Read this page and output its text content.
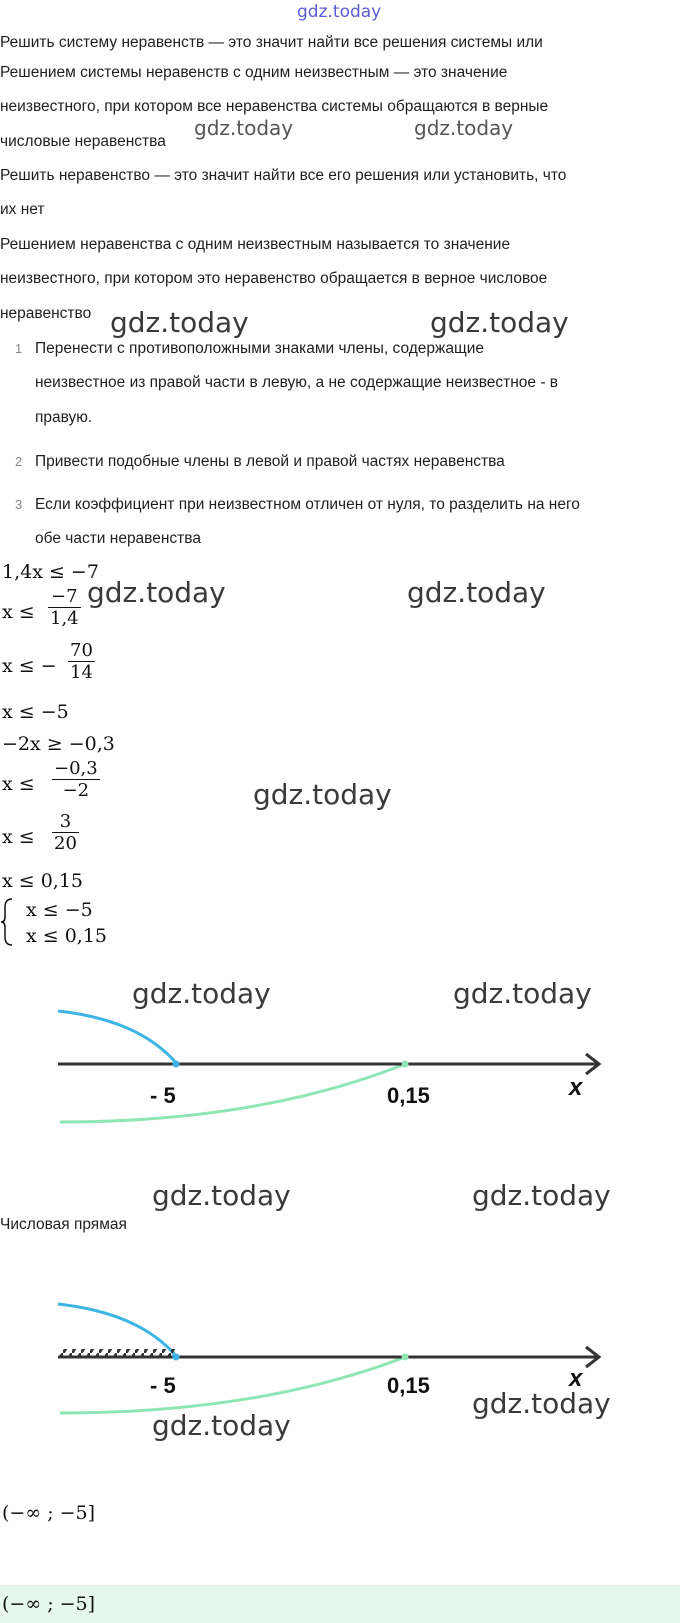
gdz.today
Решить систему неравенств — это значит найти все решения системы или
Решением системы неравенств с одним неизвестным — это значение
неизвестного, при котором все неравенства системы обращаются в верные
числовые неравенства
Решить неравенство — это значит найти все его решения или установить, что
их нет
Решением неравенства с одним неизвестным называется то значение
неизвестного, при котором это неравенство обращается в верное числовое
неравенство
1 Перенести с противоположными знаками члены, содержащие
неизвестное из правой части в левую, а не содержащие неизвестное - в
правую.
2 Привести подобные члены в левой и правой частях неравенства
3 Если коэффициент при неизвестном отличен от нуля, то разделить на него
обе части неравенства
1,4x ≤ −7
$x \le \frac{-7}{1,4}$
x ≤ − $\frac{70}{14}$
x ≤ −5
−2x ≥ −0,3
$x \le \frac{-0,3}{-2}$
$x \le \frac{3}{20}$
x ≤ 0,15
x ≤ −5
x ≤ 0,15
- 5	0,15	x
Числовая прямая
- 5	0,15	x
(−∞ ; −5]
(−∞ ; −5]
gdz.today	gdz.today
gdz.today	gdz.today
gdz.today	gdz.today
gdz.today
gdz.today	gdz.today
gdz.today	gdz.today
gdz.today
gdz.today
